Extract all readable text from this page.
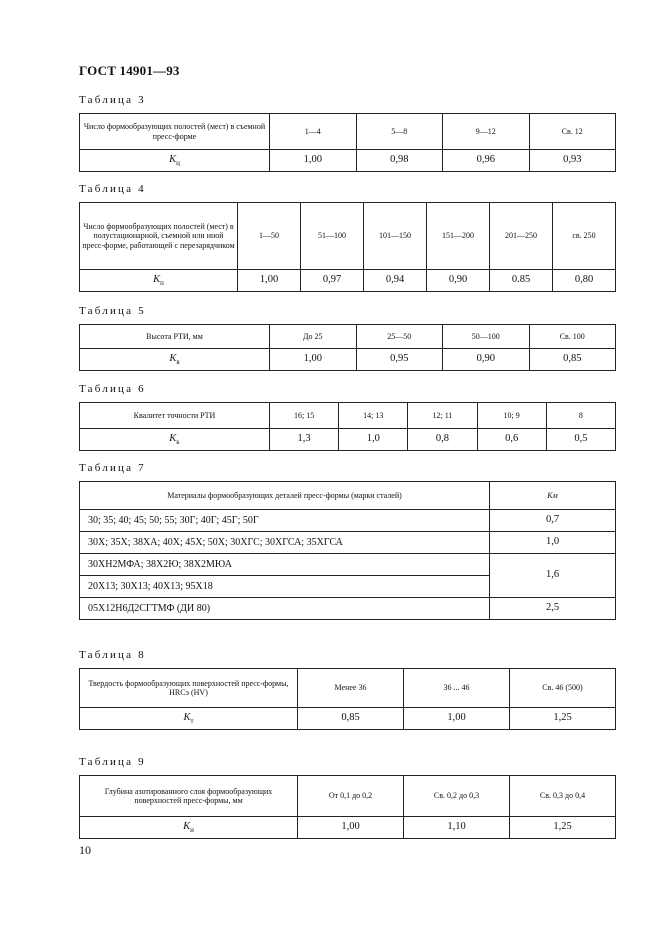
ГОСТ 14901—93
Таблица 3
Число формообразующих полостей (мест) в съемной пресс-форме	1—4	5—8	9—12	Св. 12
$K_ц$	1,00	0,98	0,96	0,93
Таблица 4
Число формообразующих полостей (мест) в полустационарной, съемной или иной пресс-форме, работающей с перезарядчиком	1—50	51—100	101—150	151—200	201—250	св. 250
$K_п$	1,00	0,97	0,94	0,90	0.85	0,80
Таблица 5
Высота РТИ, мм	До 25	25—50	50—100	Св. 100
$K_в$	1,00	0,95	0,90	0,85
Таблица 6
Квалитет точности РТИ	16; 15	14; 13	12; 11	10; 9	8
$K_к$	1,3	1,0	0,8	0,6	0,5
Таблица 7
Материалы формообразующих деталей пресс-формы (марки сталей)	Kм
30; 35; 40; 45; 50; 55; 30Г; 40Г; 45Г; 50Г	0,7
30Х; 35Х; 38ХА; 40Х; 45Х; 50Х; 30ХГС; 30ХГСА; 35ХГСА	1,0
30ХН2МФА; 38Х2Ю; 38Х2МЮА	1,6
20Х13; 30Х13; 40Х13; 95Х18	
05Х12Н6Д2СГТМФ (ДИ 80)	2,5
Таблица 8
Твердость формообразующих поверхностей пресс-формы, HRCэ (HV)	Менее 36	36 ... 46	Св. 46 (500)
$K_т$	0,85	1,00	1,25
Таблица 9
Глубина азотированного слоя формообразующих поверхностей пресс-формы, мм	От 0,1 до 0,2	Св. 0,2 до 0,3	Св. 0,3 до 0,4
$K_и$	1,00	1,10	1,25
10
